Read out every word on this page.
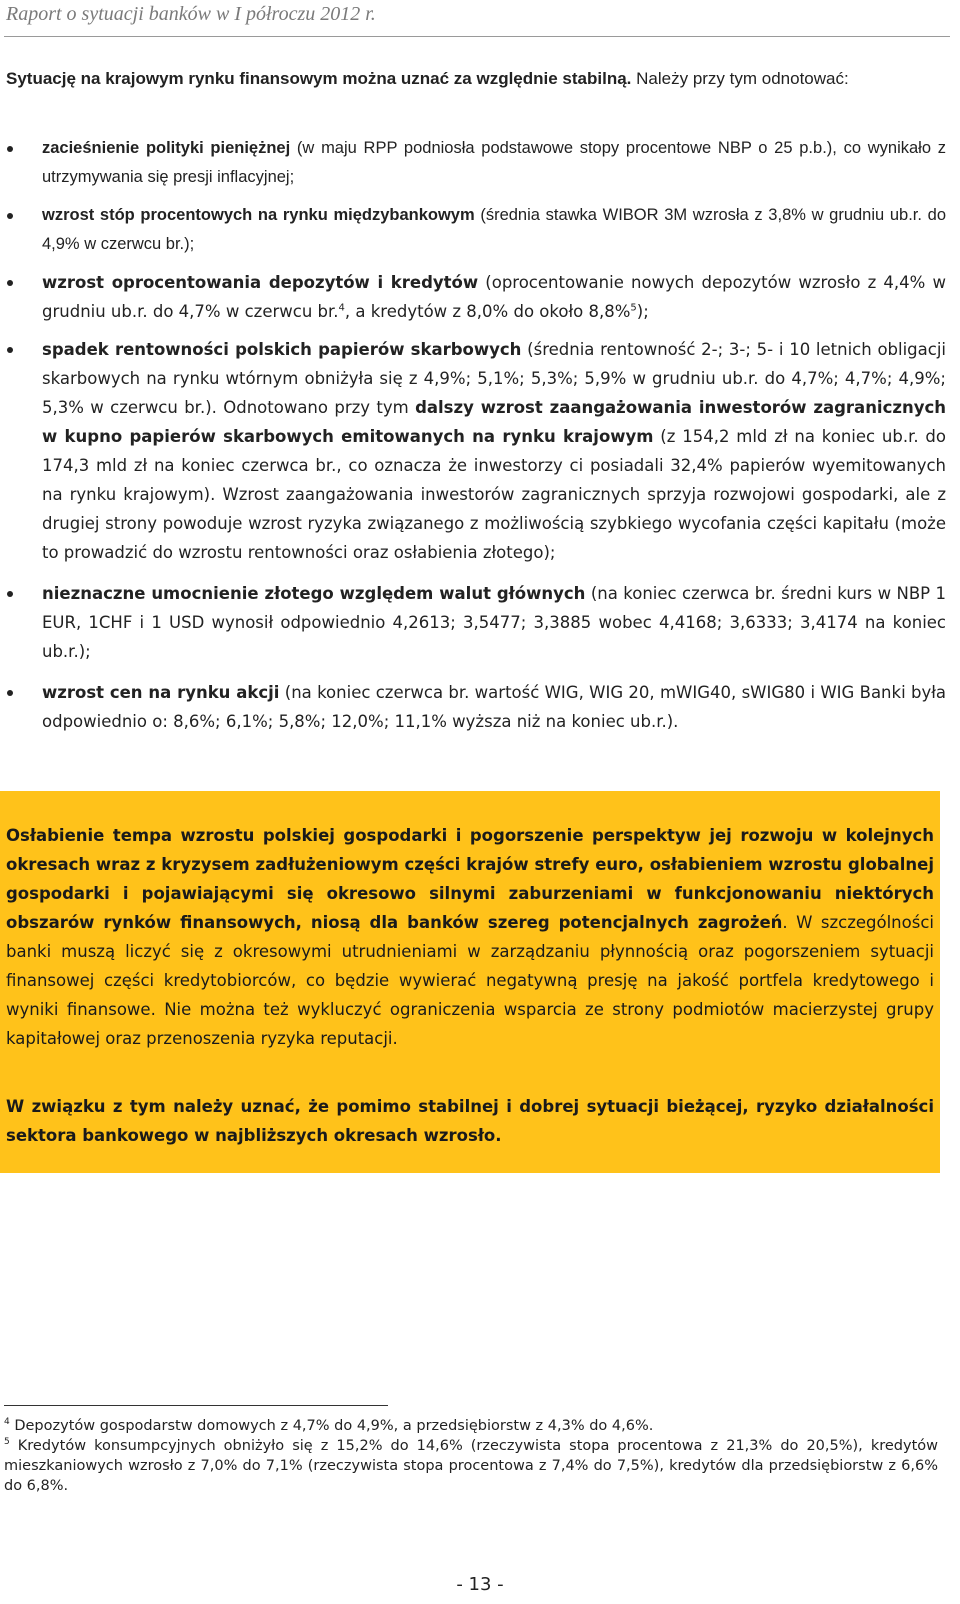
Raport o sytuacji banków w I półroczu 2012 r.
Sytuację na krajowym rynku finansowym można uznać za względnie stabilną. Należy przy tym odnotować:
zacieśnienie polityki pieniężnej (w maju RPP podniosła podstawowe stopy procentowe NBP o 25 p.b.), co wynikało z utrzymywania się presji inflacyjnej;
wzrost stóp procentowych na rynku międzybankowym (średnia stawka WIBOR 3M wzrosła z 3,8% w grudniu ub.r. do 4,9% w czerwcu br.);
wzrost oprocentowania depozytów i kredytów (oprocentowanie nowych depozytów wzrosło z 4,4% w grudniu ub.r. do 4,7% w czerwcu br.$^4$, a kredytów z 8,0% do około 8,8%$^5$);
spadek rentowności polskich papierów skarbowych (średnia rentowność 2-; 3-; 5- i 10 letnich obligacji skarbowych na rynku wtórnym obniżyła się z 4,9%; 5,1%; 5,3%; 5,9% w grudniu ub.r. do 4,7%; 4,7%; 4,9%; 5,3% w czerwcu br.). Odnotowano przy tym dalszy wzrost zaangażowania inwestorów zagranicznych w kupno papierów skarbowych emitowanych na rynku krajowym (z 154,2 mld zł na koniec ub.r. do 174,3 mld zł na koniec czerwca br., co oznacza że inwestorzy ci posiadali 32,4% papierów wyemitowanych na rynku krajowym). Wzrost zaangażowania inwestorów zagranicznych sprzyja rozwojowi gospodarki, ale z drugiej strony powoduje wzrost ryzyka związanego z możliwością szybkiego wycofania części kapitału (może to prowadzić do wzrostu rentowności oraz osłabienia złotego);
nieznaczne umocnienie złotego względem walut głównych (na koniec czerwca br. średni kurs w NBP 1 EUR, 1CHF i 1 USD wynosił odpowiednio 4,2613; 3,5477; 3,3885 wobec 4,4168; 3,6333; 3,4174 na koniec ub.r.);
wzrost cen na rynku akcji (na koniec czerwca br. wartość WIG, WIG 20, mWIG40, sWIG80 i WIG Banki była odpowiednio o: 8,6%; 6,1%; 5,8%; 12,0%; 11,1% wyższa niż na koniec ub.r.).

Osłabienie tempa wzrostu polskiej gospodarki i pogorszenie perspektyw jej rozwoju w kolejnych okresach wraz z kryzysem zadłużeniowym części krajów strefy euro, osłabieniem wzrostu globalnej gospodarki i pojawiającymi się okresowo silnymi zaburzeniami w funkcjonowaniu niektórych obszarów rynków finansowych, niosą dla banków szereg potencjalnych zagrożeń. W szczególności banki muszą liczyć się z okresowymi utrudnieniami w zarządzaniu płynnością oraz pogorszeniem sytuacji finansowej części kredytobiorców, co będzie wywierać negatywną presję na jakość portfela kredytowego i wyniki finansowe. Nie można też wykluczyć ograniczenia wsparcia ze strony podmiotów macierzystej grupy kapitałowej oraz przenoszenia ryzyka reputacji.

W związku z tym należy uznać, że pomimo stabilnej i dobrej sytuacji bieżącej, ryzyko działalności sektora bankowego w najbliższych okresach wzrosło.

$^4$ Depozytów gospodarstw domowych z 4,7% do 4,9%, a przedsiębiorstw z 4,3% do 4,6%.

$^5$ Kredytów konsumpcyjnych obniżyło się z 15,2% do 14,6% (rzeczywista stopa procentowa z 21,3% do 20,5%), kredytów mieszkaniowych wzrosło z 7,0% do 7,1% (rzeczywista stopa procentowa z 7,4% do 7,5%), kredytów dla przedsiębiorstw z 6,6% do 6,8%.

- 13 -
